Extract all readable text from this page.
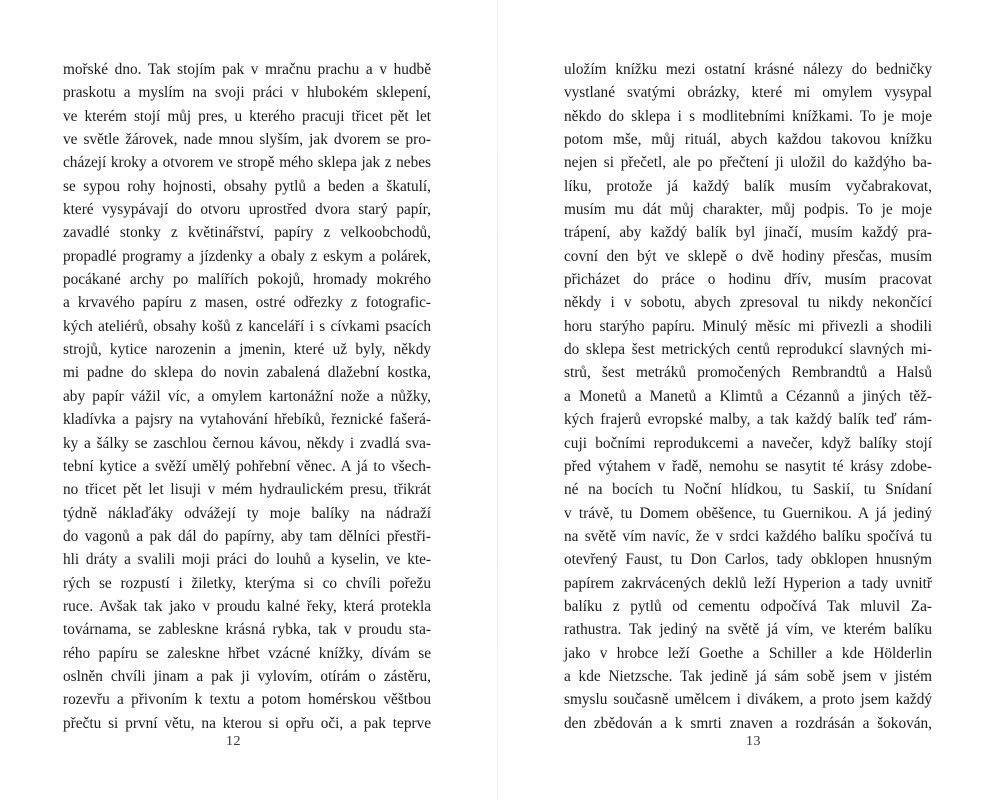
mořské dno. Tak stojím pak v mračnu prachu a v hudbě
praskotu a myslím na svoji práci v hlubokém sklepení,
ve kterém stojí můj pres, u kterého pracuji třicet pět let
ve světle žárovek, nade mnou slyším, jak dvorem se pro-
cházejí kroky a otvorem ve stropě mého sklepa jak z nebes
se sypou rohy hojnosti, obsahy pytlů a beden a škatulí,
které vysypávají do otvoru uprostřed dvora starý papír,
zavadlé stonky z květinářství, papíry z velkoobchodů,
propadlé programy a jízdenky a obaly z eskym a polárek,
pocákané archy po malířích pokojů, hromady mokrého
a krvavého papíru z masen, ostré odřezky z fotografic-
kých ateliérů, obsahy košů z kanceláří i s cívkami psacích
strojů, kytice narozenin a jmenin, které už byly, někdy
mi padne do sklepa do novin zabalená dlažební kostka,
aby papír vážil víc, a omylem kartonážní nože a nůžky,
kladívka a pajsry na vytahování hřebíků, řeznické fašerá-
ky a šálky se zaschlou černou kávou, někdy i zvadlá sva-
tební kytice a svěží umělý pohřební věnec. A já to všech-
no třicet pět let lisuji v mém hydraulickém presu, třikrát
týdně náklaďáky odvážejí ty moje balíky na nádraží
do vagonů a pak dál do papírny, aby tam dělníci přestři-
hli dráty a svalili moji práci do louhů a kyselin, ve kte-
rých se rozpustí i žiletky, kterýma si co chvíli pořežu
ruce. Avšak tak jako v proudu kalné řeky, která protekla
továrnama, se zableskne krásná rybka, tak v proudu sta-
rého papíru se zaleskne hřbet vzácné knížky, dívám se
oslněn chvíli jinam a pak ji vylovím, otírám o zástěru,
rozevřu a přivoním k textu a potom homérskou věštbou
přečtu si první větu, na kterou si opřu oči, a pak teprve
12
uložím knížku mezi ostatní krásné nálezy do bedničky
vystlané svatými obrázky, které mi omylem vysypal
někdo do sklepa i s modlitebními knížkami. To je moje
potom mše, můj rituál, abych každou takovou knížku
nejen si přečetl, ale po přečtení ji uložil do každýho ba-
líku, protože já každý balík musím vyčabrakovat,
musím mu dát můj charakter, můj podpis. To je moje
trápení, aby každý balík byl jinačí, musím každý pra-
covní den být ve sklepě o dvě hodiny přesčas, musím
přicházet do práce o hodinu dřív, musím pracovat
někdy i v sobotu, abych zpresoval tu nikdy nekončící
horu starýho papíru. Minulý měsíc mi přivezli a shodili
do sklepa šest metrických centů reprodukcí slavných mi-
strů, šest metráků promočených Rembrandtů a Halsů
a Monetů a Manetů a Klimtů a Cézannů a jiných těž-
kých frajerů evropské malby, a tak každý balík teď rám-
cuji bočními reprodukcemi a navečer, když balíky stojí
před výtahem v řadě, nemohu se nasytit té krásy zdobe-
né na bocích tu Noční hlídkou, tu Saskií, tu Snídaní
v trávě, tu Domem oběšence, tu Guernikou. A já jediný
na světě vím navíc, že v srdci každého balíku spočívá tu
otevřený Faust, tu Don Carlos, tady obklopen hnusným
papírem zakrvácených deklů leží Hyperion a tady uvnitř
balíku z pytlů od cementu odpočívá Tak mluvil Za-
rathustra. Tak jediný na světě já vím, ve kterém balíku
jako v hrobce leží Goethe a Schiller a kde Hölderlin
a kde Nietzsche. Tak jedině já sám sobě jsem v jistém
smyslu současně umělcem i divákem, a proto jsem každý
den zbědován a k smrti znaven a rozdrásán a šokován,
13
